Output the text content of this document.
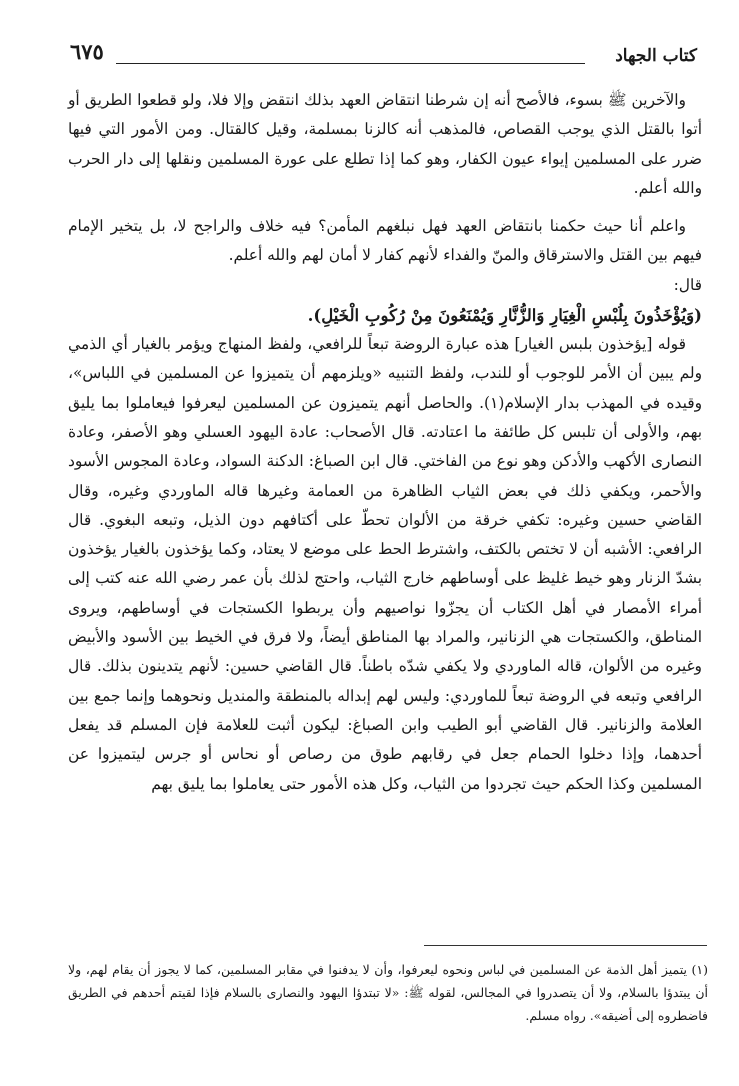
كتاب الجهاد
٦٧٥

والآخرين ﷺ بسوء، فالأصح أنه إن شرطنا انتقاض العهد بذلك انتقض وإلا فلا، ولو قطعوا الطريق أو أتوا بالقتل الذي يوجب القصاص، فالمذهب أنه كالزنا بمسلمة، وقيل كالقتال. ومن الأمور التي فيها ضرر على المسلمين إيواء عيون الكفار، وهو كما إذا تطلع على عورة المسلمين ونقلها إلى دار الحرب والله أعلم.

واعلم أنا حيث حكمنا بانتقاض العهد فهل نبلغهم المأمن؟ فيه خلاف والراجح لا، بل يتخير الإمام فيهم بين القتل والاسترقاق والمنّ والفداء لأنهم كفار لا أمان لهم والله أعلم.

قال:

(وَيُؤْخَذُونَ بِلُبْسِ الْغِيَارِ وَالزُّنَّارِ وَيُمْنَعُونَ مِنْ رُكُوبِ الْخَيْلِ).

قوله [يؤخذون بلبس الغيار] هذه عبارة الروضة تبعاً للرافعي، ولفظ المنهاج ويؤمر بالغيار أي الذمي ولم يبين أن الأمر للوجوب أو للندب، ولفظ التنبيه «ويلزمهم أن يتميزوا عن المسلمين في اللباس»، وقيده في المهذب بدار الإسلام(١). والحاصل أنهم يتميزون عن المسلمين ليعرفوا فيعاملوا بما يليق بهم، والأولى أن تلبس كل طائفة ما اعتادته. قال الأصحاب: عادة اليهود العسلي وهو الأصفر، وعادة النصارى الأكهب والأدكن وهو نوع من الفاختي. قال ابن الصباغ: الدكنة السواد، وعادة المجوس الأسود والأحمر، ويكفي ذلك في بعض الثياب الظاهرة من العمامة وغيرها قاله الماوردي وغيره، وقال القاضي حسين وغيره: تكفي خرقة من الألوان تحطّ على أكتافهم دون الذيل، وتبعه البغوي. قال الرافعي: الأشبه أن لا تختص بالكتف، واشترط الحط على موضع لا يعتاد، وكما يؤخذون بالغيار يؤخذون بشدّ الزنار وهو خيط غليظ على أوساطهم خارج الثياب، واحتج لذلك بأن عمر رضي الله عنه كتب إلى أمراء الأمصار في أهل الكتاب أن يجزّوا نواصيهم وأن يربطوا الكستجات في أوساطهم، ويروى المناطق، والكستجات هي الزنانير، والمراد بها المناطق أيضاً، ولا فرق في الخيط بين الأسود والأبيض وغيره من الألوان، قاله الماوردي ولا يكفي شدّه باطناً. قال القاضي حسين: لأنهم يتدينون بذلك. قال الرافعي وتبعه في الروضة تبعاً للماوردي: وليس لهم إبداله بالمنطقة والمنديل ونحوهما وإنما جمع بين العلامة والزنانير. قال القاضي أبو الطيب وابن الصباغ: ليكون أثبت للعلامة فإن المسلم قد يفعل أحدهما، وإذا دخلوا الحمام جعل في رقابهم طوق من رصاص أو نحاس أو جرس ليتميزوا عن المسلمين وكذا الحكم حيث تجردوا من الثياب، وكل هذه الأمور حتى يعاملوا بما يليق بهم

(١) يتميز أهل الذمة عن المسلمين في لباس ونحوه ليعرفوا، وأن لا يدفنوا في مقابر المسلمين، كما لا يجوز أن يقام لهم، ولا أن يبتدؤا بالسلام، ولا أن يتصدروا في المجالس، لقوله ﷺ: «لا تبتدؤا اليهود والنصارى بالسلام فإذا لقيتم أحدهم في الطريق فاضطروه إلى أضيقه». رواه مسلم.
